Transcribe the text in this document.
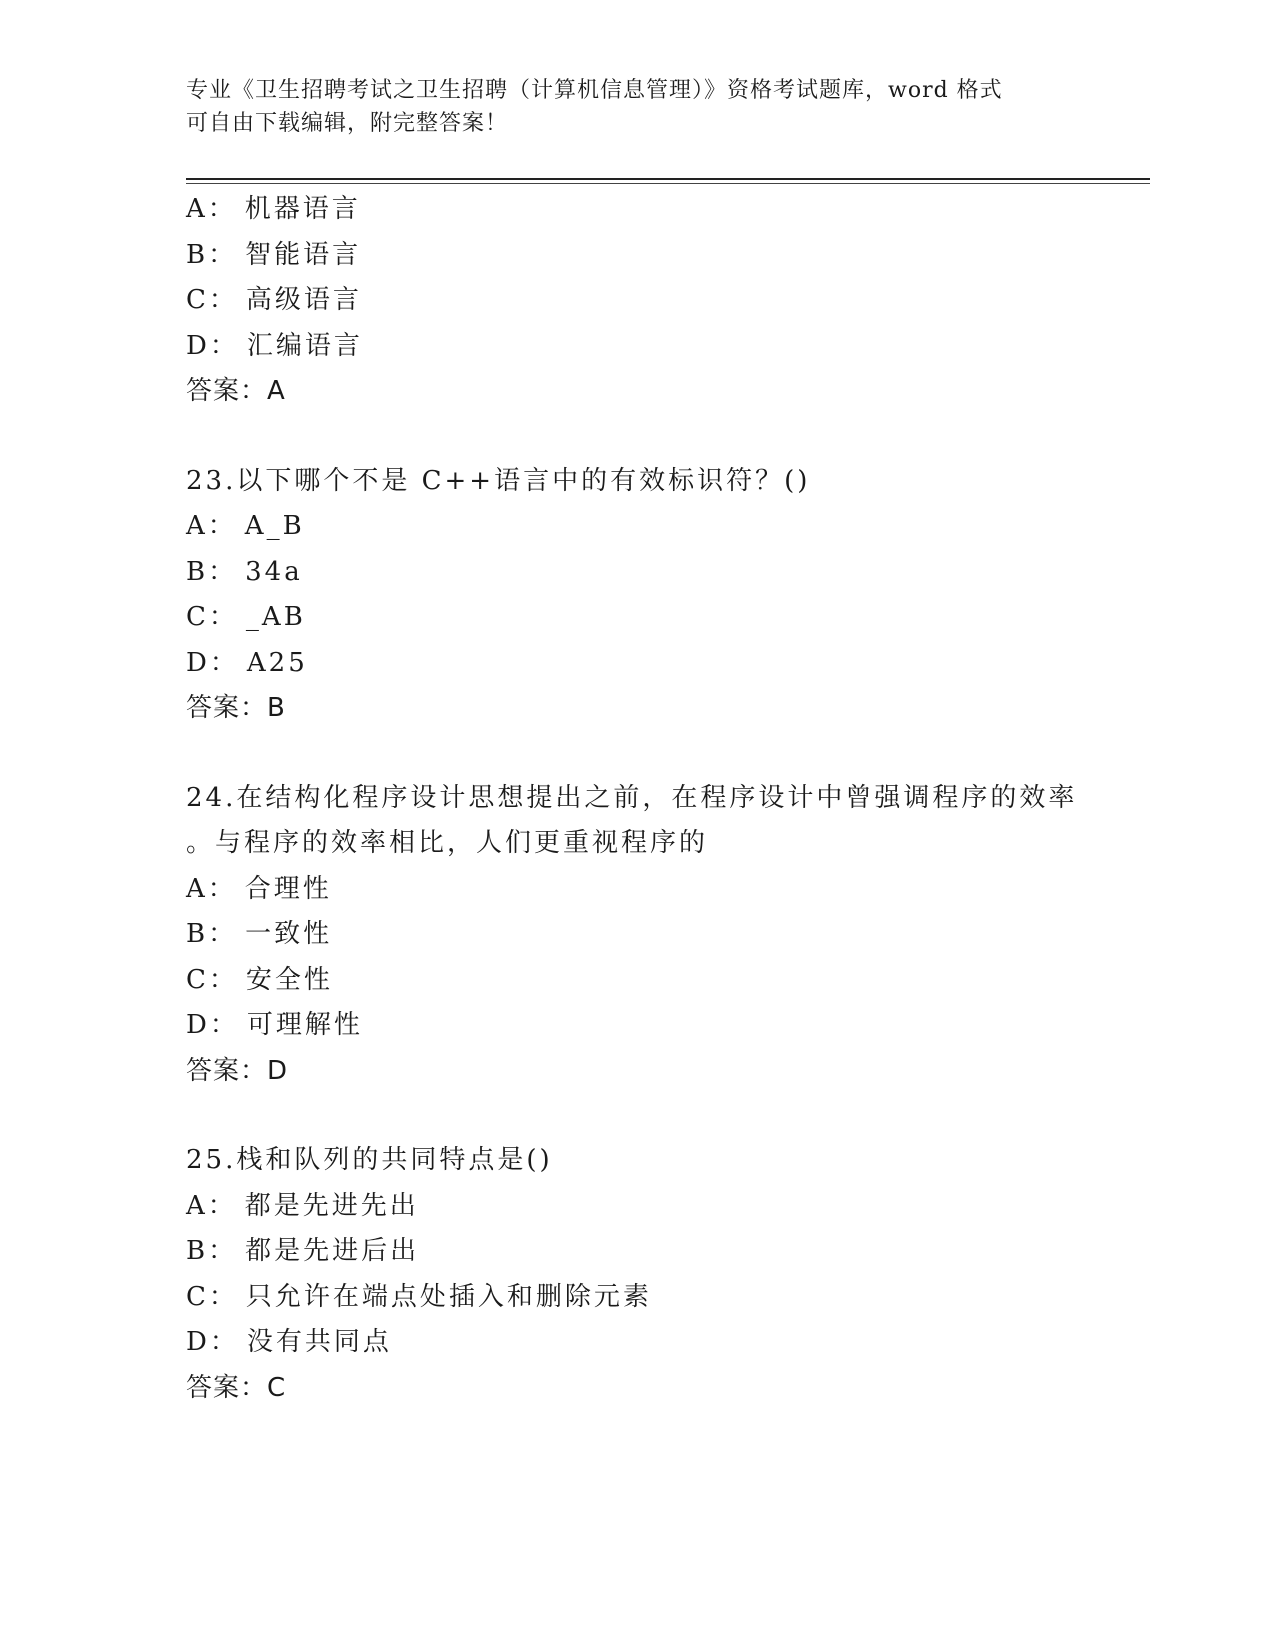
专业《卫生招聘考试之卫生招聘（计算机信息管理）》资格考试题库，word 格式
可自由下载编辑，附完整答案！
A： 机器语言
B： 智能语言
C： 高级语言
D： 汇编语言
答案：A
23.以下哪个不是 C++语言中的有效标识符？()
A： A_B
B： 34a
C： _AB
D： A25
答案：B
24.在结构化程序设计思想提出之前，在程序设计中曾强调程序的效率
。与程序的效率相比，人们更重视程序的
A： 合理性
B： 一致性
C： 安全性
D： 可理解性
答案：D
25.栈和队列的共同特点是()
A： 都是先进先出
B： 都是先进后出
C： 只允许在端点处插入和删除元素
D： 没有共同点
答案：C
